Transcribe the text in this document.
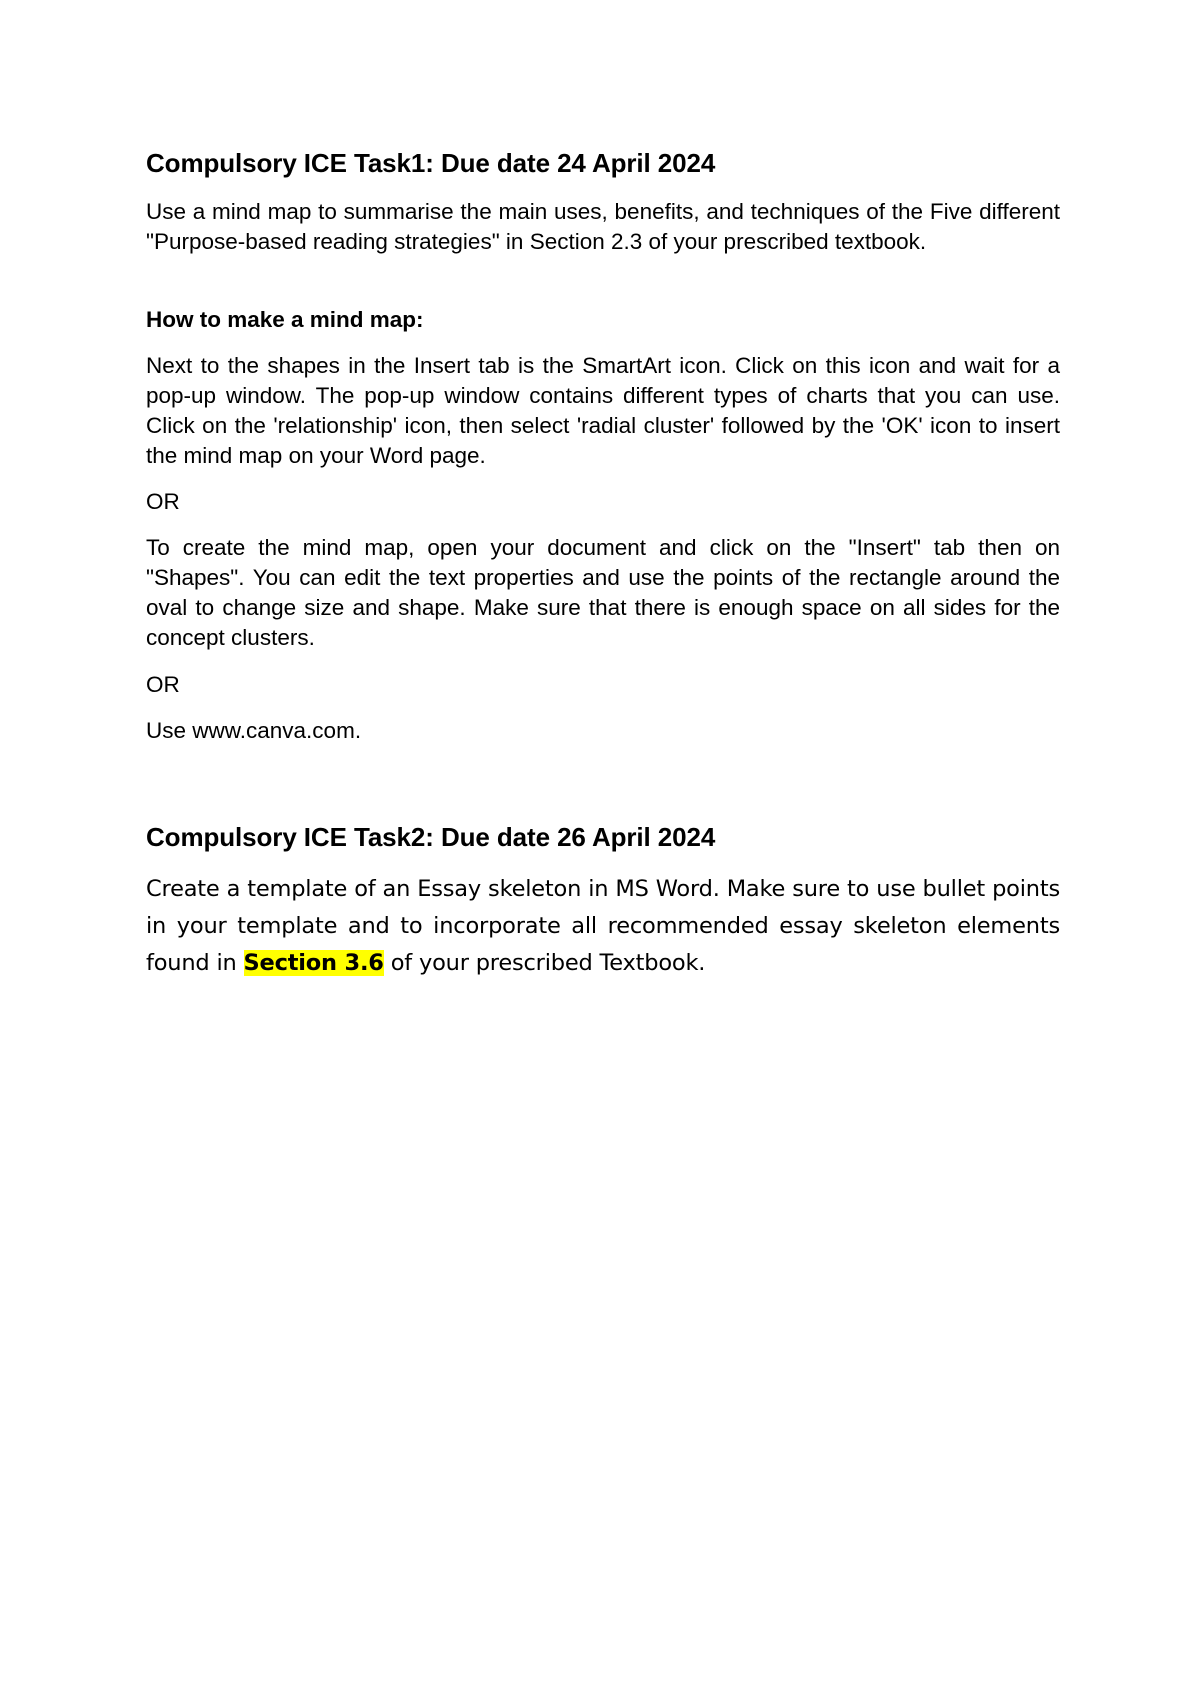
Compulsory ICE Task1: Due date 24 April 2024

Use a mind map to summarise the main uses, benefits, and techniques of the Five different "Purpose-based reading strategies" in Section 2.3 of your prescribed textbook.

How to make a mind map:

Next to the shapes in the Insert tab is the SmartArt icon. Click on this icon and wait for a pop-up window. The pop-up window contains different types of charts that you can use. Click on the 'relationship' icon, then select 'radial cluster' followed by the 'OK' icon to insert the mind map on your Word page.

OR

To create the mind map, open your document and click on the "Insert" tab then on "Shapes". You can edit the text properties and use the points of the rectangle around the oval to change size and shape. Make sure that there is enough space on all sides for the concept clusters.

OR

Use www.canva.com.

Compulsory ICE Task2: Due date 26 April 2024

Create a template of an Essay skeleton in MS Word. Make sure to use bullet points in your template and to incorporate all recommended essay skeleton elements found in Section 3.6 of your prescribed Textbook.
